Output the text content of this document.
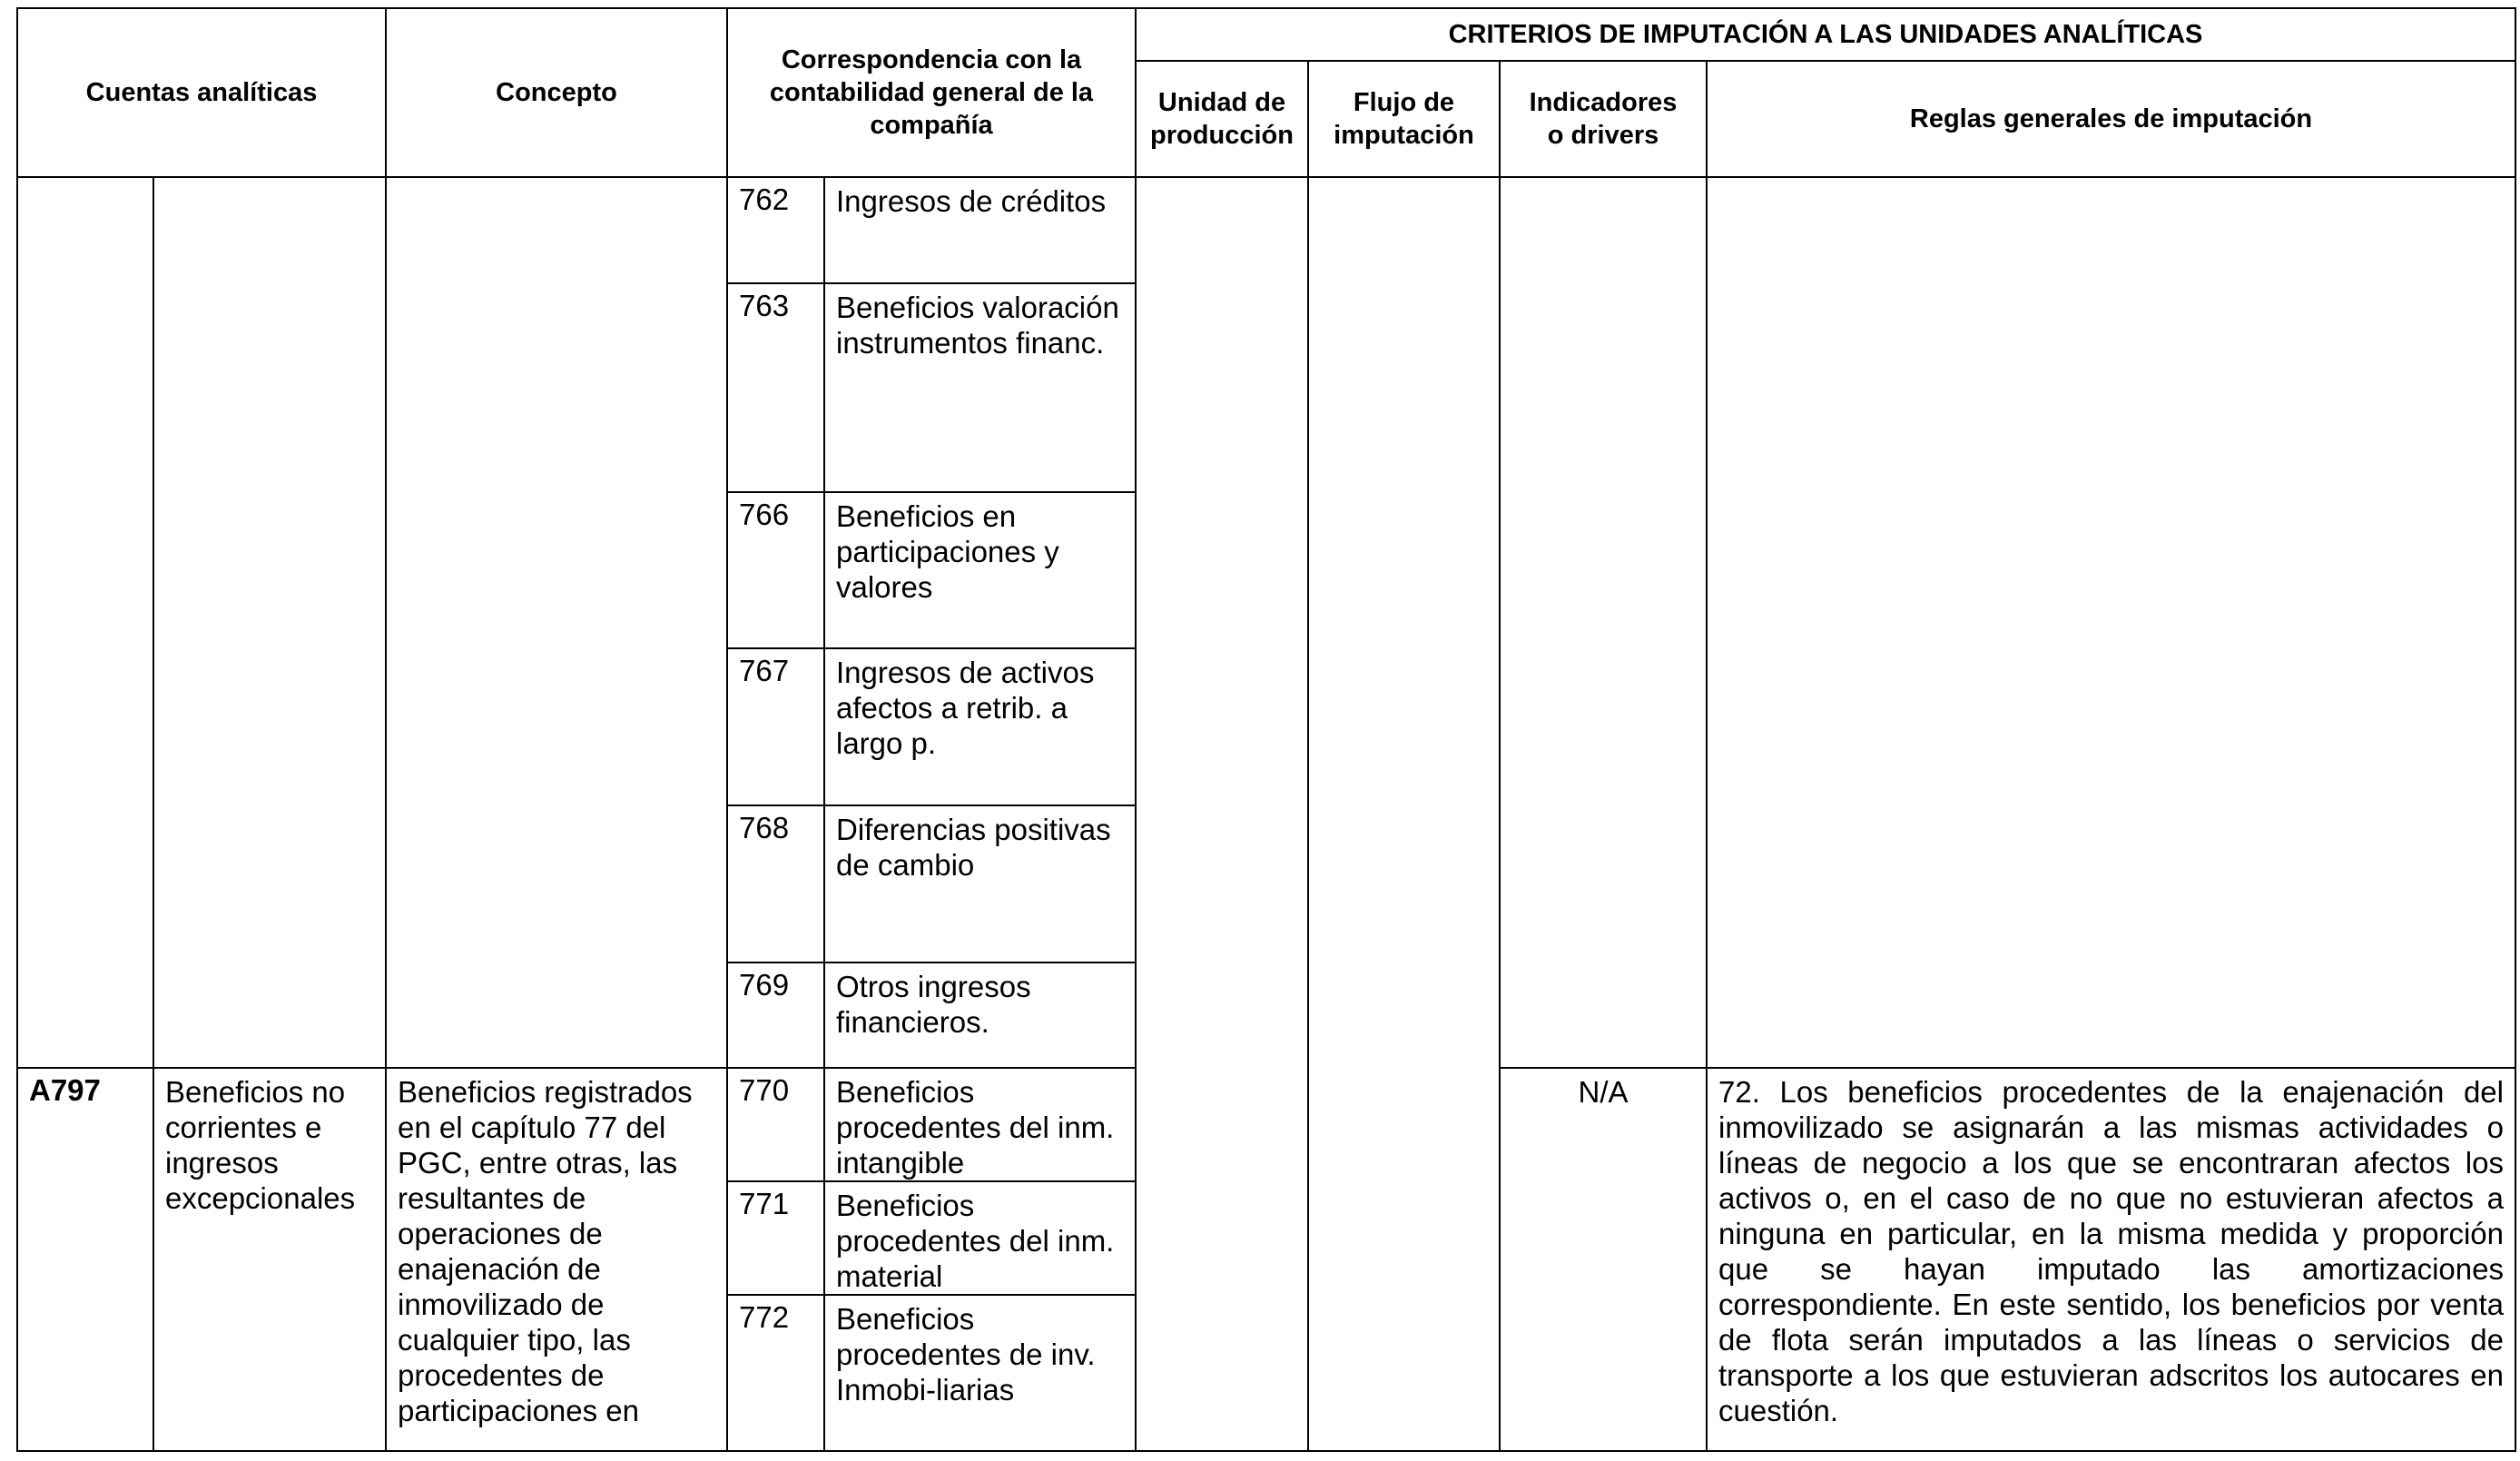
Cuentas analíticas		Concepto	Correspondencia con la contabilidad general de la compañía		CRITERIOS DE IMPUTACIÓN A LAS UNIDADES ANALÍTICAS			
					Unidad de producción	Flujo de imputación	Indicadores o drivers	Reglas generales de imputación
			762	Ingresos de créditos				
			763	Beneficios valoración instrumentos financ.				
			766	Beneficios en participaciones y valores				
			767	Ingresos de activos afectos a retrib. a largo p.				
			768	Diferencias positivas de cambio				
			769	Otros ingresos financieros.				
A797	Beneficios no corrientes e ingresos excepcionales	Beneficios registrados en el capítulo 77 del PGC, entre otras, las resultantes de operaciones de enajenación de inmovilizado de cualquier tipo, las procedentes de participaciones en	770	Beneficios procedentes del inm. intangible			N/A	72. Los beneficios procedentes de la enajenación del inmovilizado se asignarán a las mismas actividades o líneas de negocio a los que se encontraran afectos los activos o, en el caso de no que no estuvieran afectos a ninguna en particular, en la misma medida y proporción que se hayan imputado las amortizaciones correspondiente. En este sentido, los beneficios por venta de flota serán imputados a las líneas o servicios de transporte a los que estuvieran adscritos los autocares en cuestión.
			771	Beneficios procedentes del inm. material				
			772	Beneficios procedentes de inv. Inmobi-liarias				
